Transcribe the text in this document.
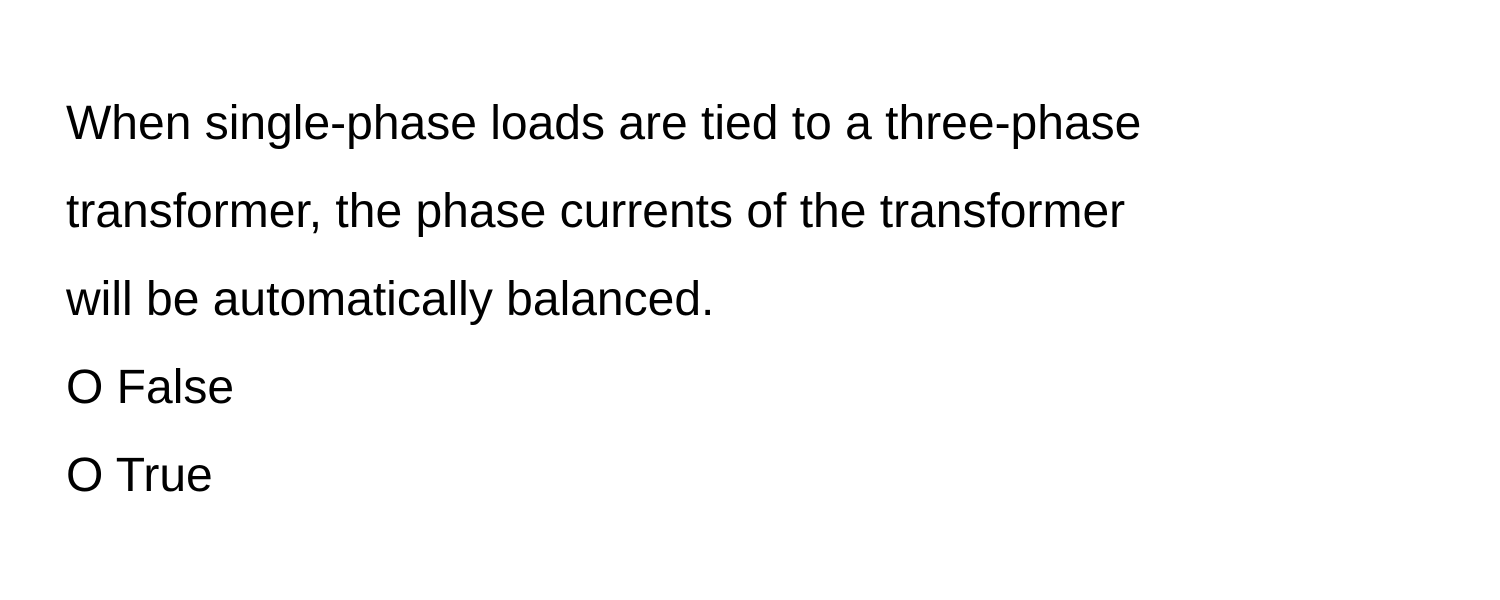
When single-phase loads are tied to a three-phase
transformer, the phase currents of the transformer
will be automatically balanced.
O False
O True
